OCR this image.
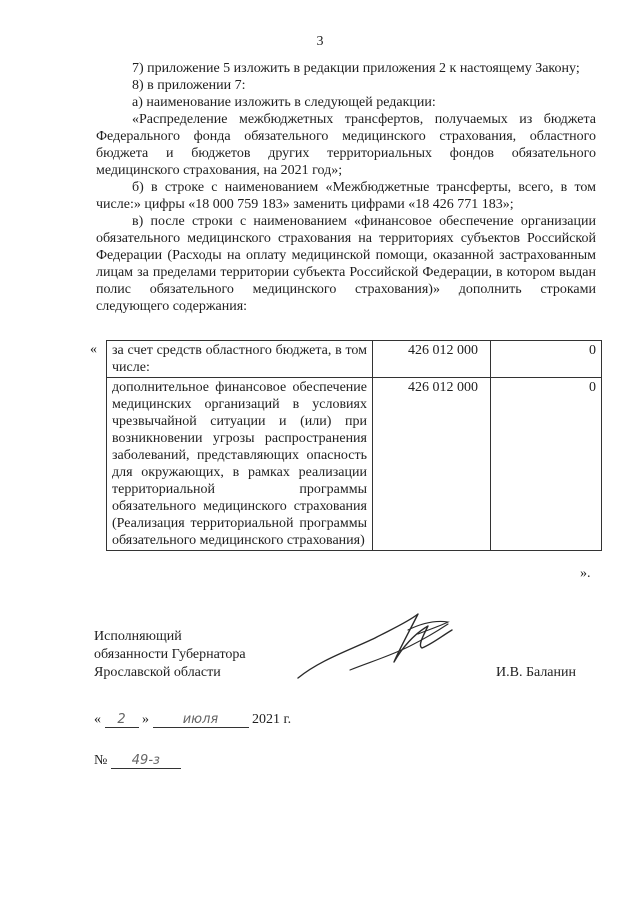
3

7) приложение 5 изложить в редакции приложения 2 к настоящему Закону;

8) в приложении 7:

а) наименование изложить в следующей редакции:

«Распределение межбюджетных трансфертов, получаемых из бюджета Федерального фонда обязательного медицинского страхования, областного бюджета и бюджетов других территориальных фондов обязательного медицинского страхования, на 2021 год»;

б) в строке с наименованием «Межбюджетные трансферты, всего, в том числе:» цифры «18 000 759 183» заменить цифрами «18 426 771 183»;

в) после строки с наименованием «финансовое обеспечение организации обязательного медицинского страхования на территориях субъектов Российской Федерации (Расходы на оплату медицинской помощи, оказанной застрахованным лицам за пределами территории субъекта Российской Федерации, в котором выдан полис обязательного медицинского страхования)» дополнить строками следующего содержания:

« за счет средств областного бюджета, в том числе:	426 012 000	0
дополнительное финансовое обеспечение медицинских организаций в условиях чрезвычайной ситуации и (или) при возникновении угрозы распространения заболеваний, представляющих опасность для окружающих, в рамках реализации территориальной программы обязательного медицинского страхования (Реализация территориальной программы обязательного медицинского страхования)	426 012 000	0
».
Исполняющий
обязанности Губернатора
Ярославской области	И.В. Баланин
« 2 »	июля 2021 г.
№ 49-з
